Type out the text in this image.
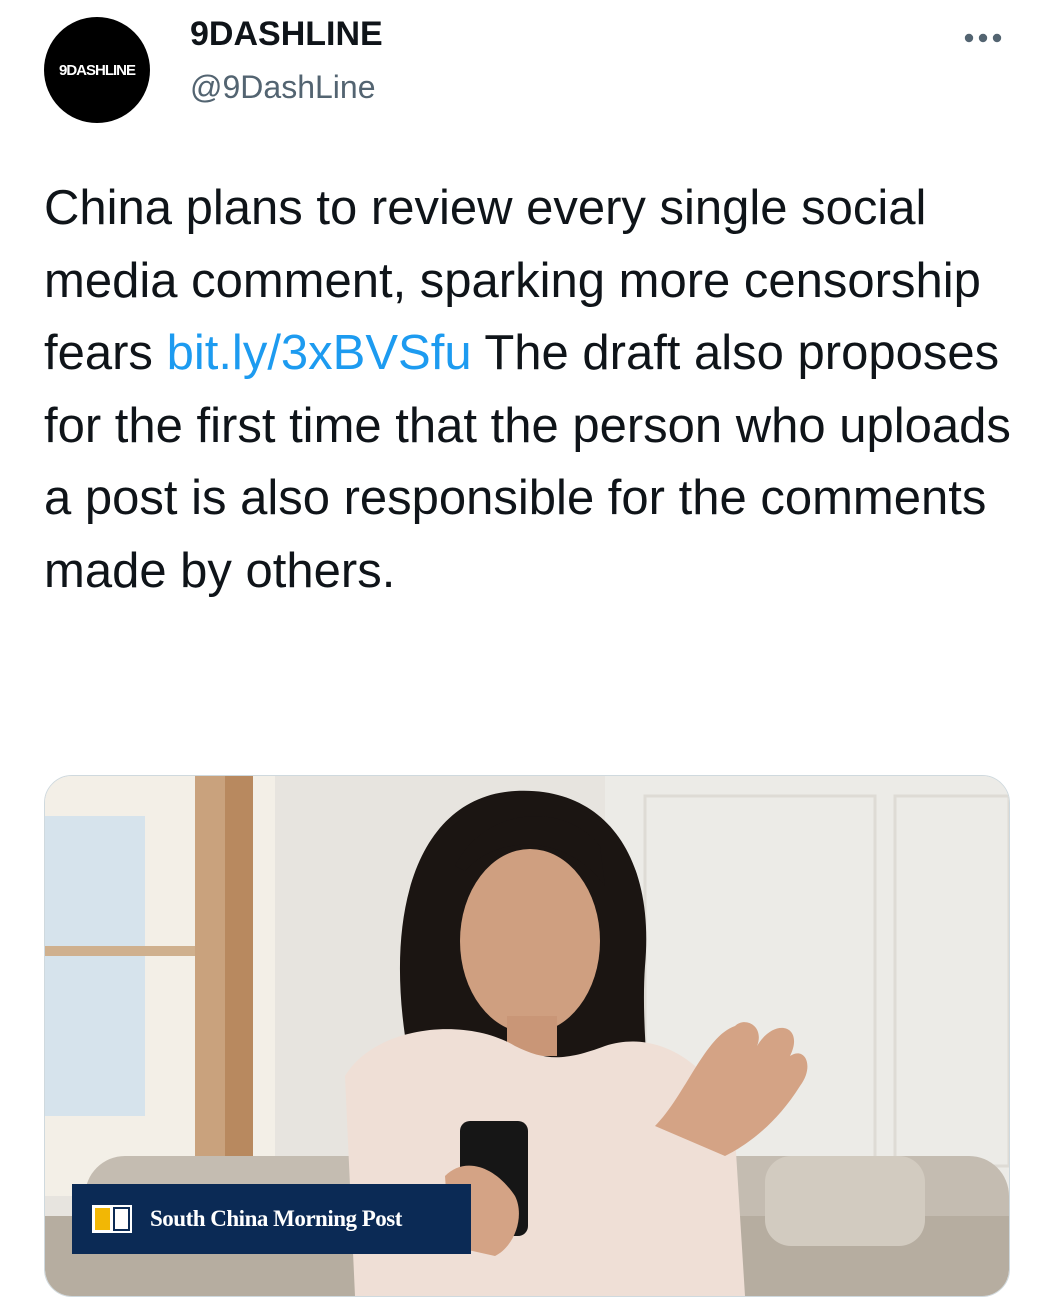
9DASHLINE
9DASHLINE
@9DashLine

China plans to review every single social media comment, sparking more censorship fears bit.ly/3xBVSfu The draft also proposes for the first time that the person who uploads a post is also responsible for the comments made by others.

South China Morning Post
